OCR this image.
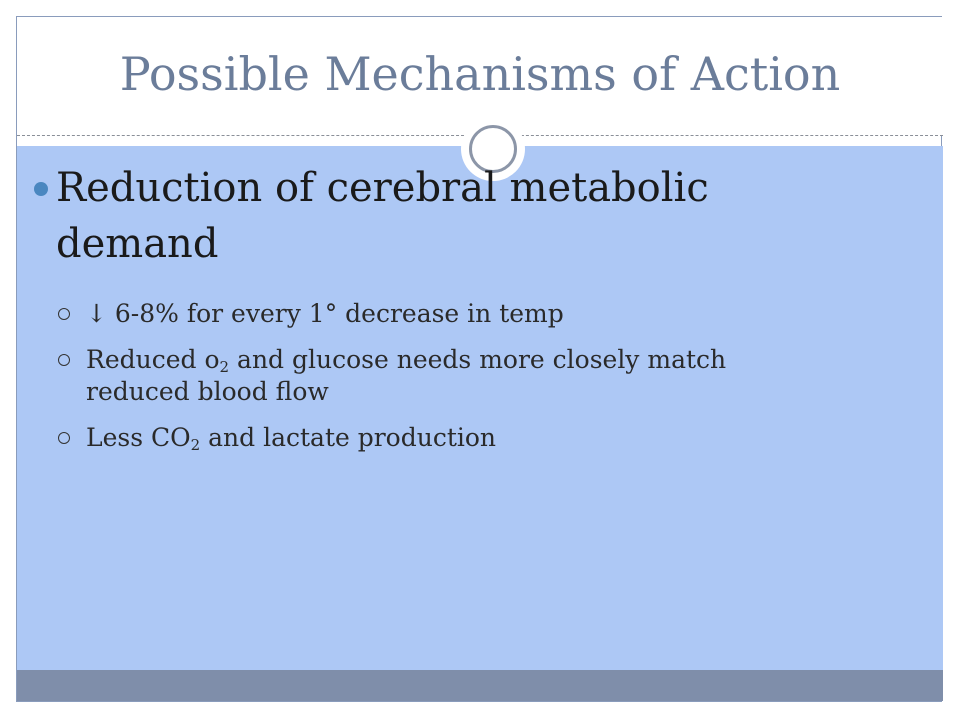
Possible Mechanisms of Action
Reduction of cerebral metabolic demand
↓ 6-8% for every 1° decrease in temp
Reduced $o_2$ and glucose needs more closely match reduced blood flow
Less $CO_2$ and lactate production
